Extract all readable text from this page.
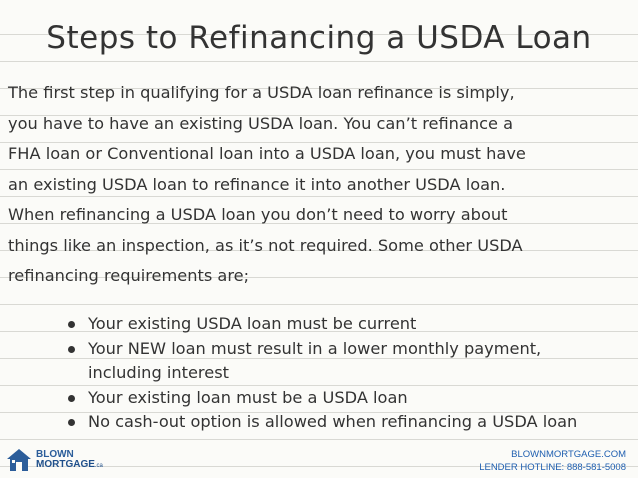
Steps to Refinancing a USDA Loan
The first step in qualifying for a USDA loan refinance is simply,
you have to have an existing USDA loan. You can’t refinance a
FHA loan or Conventional loan into a USDA loan, you must have
an existing USDA loan to refinance it into another USDA loan.
When refinancing a USDA loan you don’t need to worry about
things like an inspection, as it’s not required. Some other USDA
refinancing requirements are;
Your existing USDA loan must be current
Your NEW loan must result in a lower monthly payment,
including interest
Your existing loan must be a USDA loan
No cash-out option is allowed when refinancing a USDA loan
BLOWN
MORTGAGE.ca
BLOWNMORTGAGE.COM
LENDER HOTLINE: 888-581-5008
